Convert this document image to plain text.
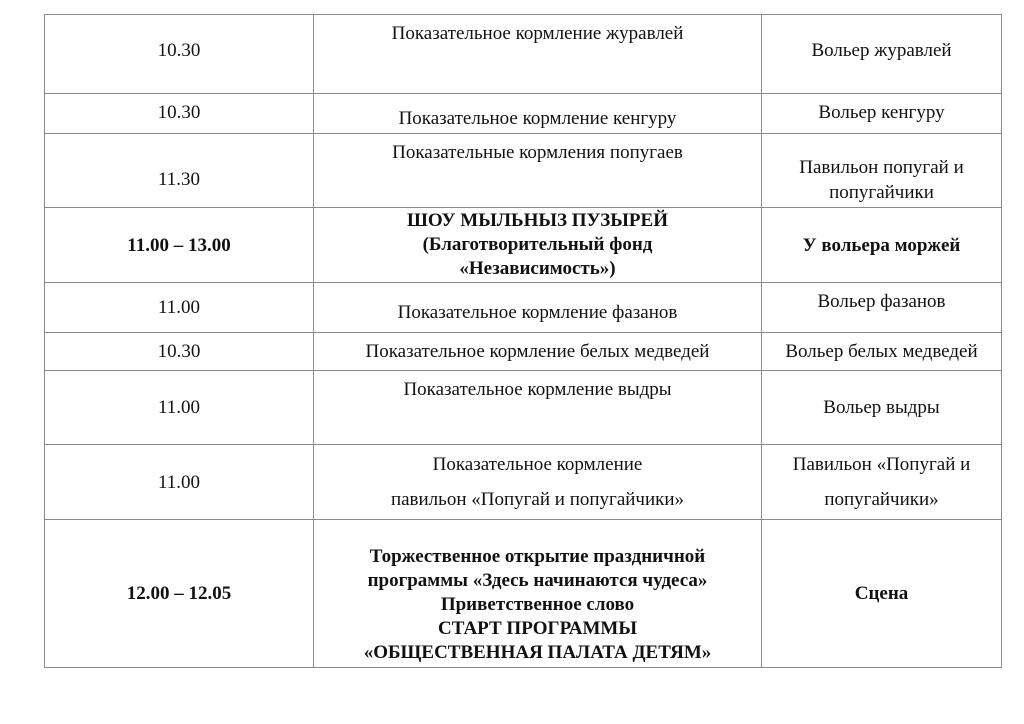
10.30	Показательное кормление журавлей	Вольер журавлей
10.30	Показательное кормление кенгуру	Вольер кенгуру
11.30	Показательные кормления попугаев	Павильон попугай и
попугайчики

11.00 – 13.00	ШОУ МЫЛЬНЫЗ ПУЗЫРЕЙ
(Благотворительный фонд
«Независимость»)	У вольера моржей
11.00	Показательное кормление фазанов	Вольер фазанов
10.30	Показательное кормление белых медведей	Вольер белых медведей
11.00	Показательное кормление выдры	Вольер выдры
11.00	Показательное кормление
павильон «Попугай и попугайчики»	Павильон «Попугай и
попугайчики»

12.00 – 12.05	Торжественное открытие праздничной
программы «Здесь начинаются чудеса»
Приветственное слово
СТАРТ ПРОГРАММЫ
«ОБЩЕСТВЕННАЯ ПАЛАТА ДЕТЯМ»	Сцена
